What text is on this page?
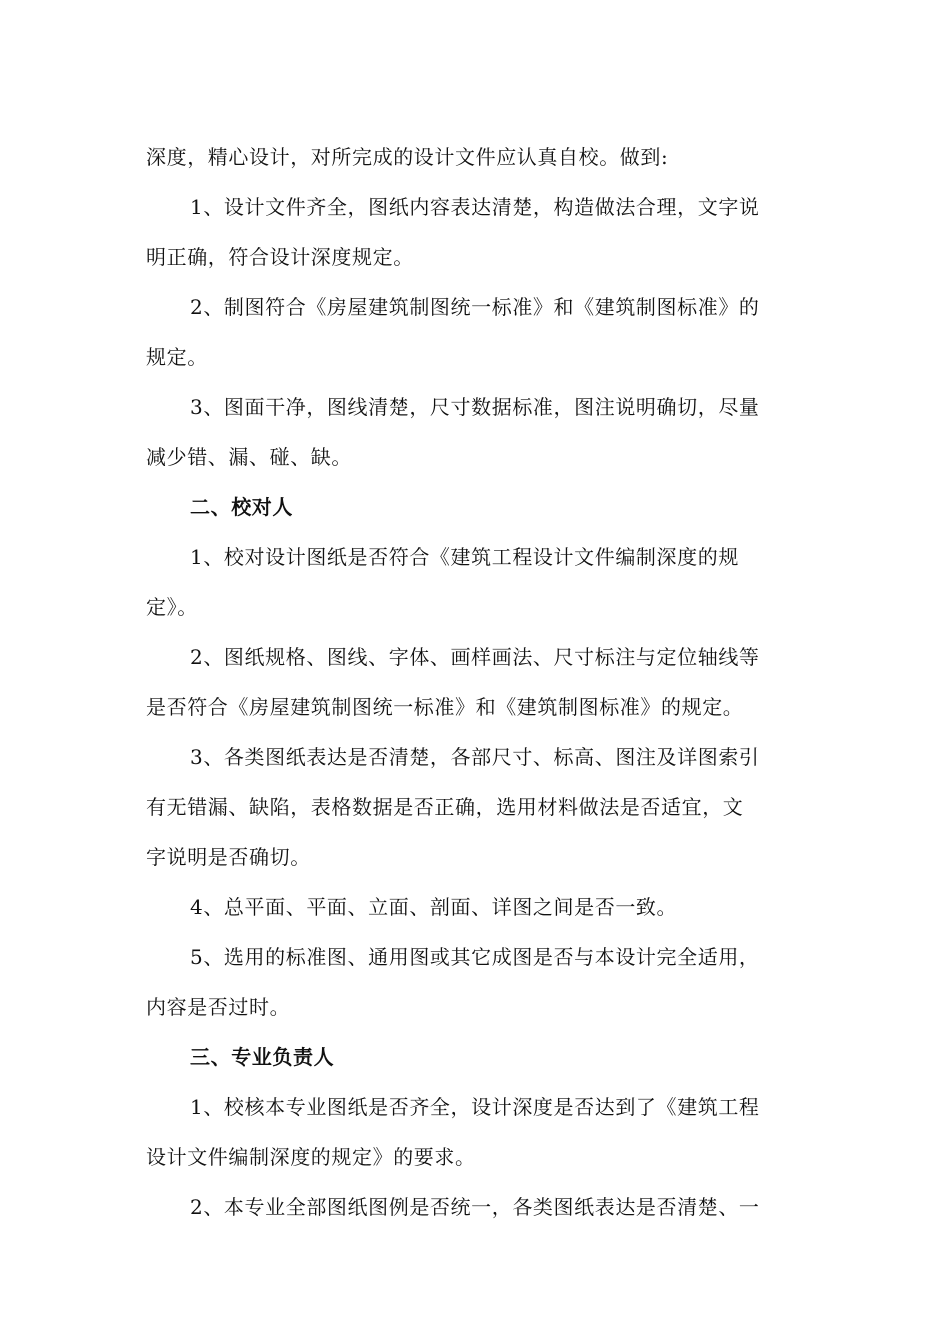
深度，精心设计，对所完成的设计文件应认真自校。做到:
1、设计文件齐全，图纸内容表达清楚，构造做法合理，文字说
明正确，符合设计深度规定。
2、制图符合《房屋建筑制图统一标准》和《建筑制图标准》的
规定。
3、图面干净，图线清楚，尺寸数据标准，图注说明确切，尽量
减少错、漏、碰、缺。
二、校对人
1、校对设计图纸是否符合《建筑工程设计文件编制深度的规
定》。
2、图纸规格、图线、字体、画样画法、尺寸标注与定位轴线等
是否符合《房屋建筑制图统一标准》和《建筑制图标准》的规定。
3、各类图纸表达是否清楚，各部尺寸、标高、图注及详图索引
有无错漏、缺陷，表格数据是否正确，选用材料做法是否适宜，文
字说明是否确切。
4、总平面、平面、立面、剖面、详图之间是否一致。
5、选用的标准图、通用图或其它成图是否与本设计完全适用，
内容是否过时。
三、专业负责人
1、校核本专业图纸是否齐全，设计深度是否达到了《建筑工程
设计文件编制深度的规定》的要求。
2、本专业全部图纸图例是否统一，各类图纸表达是否清楚、一
